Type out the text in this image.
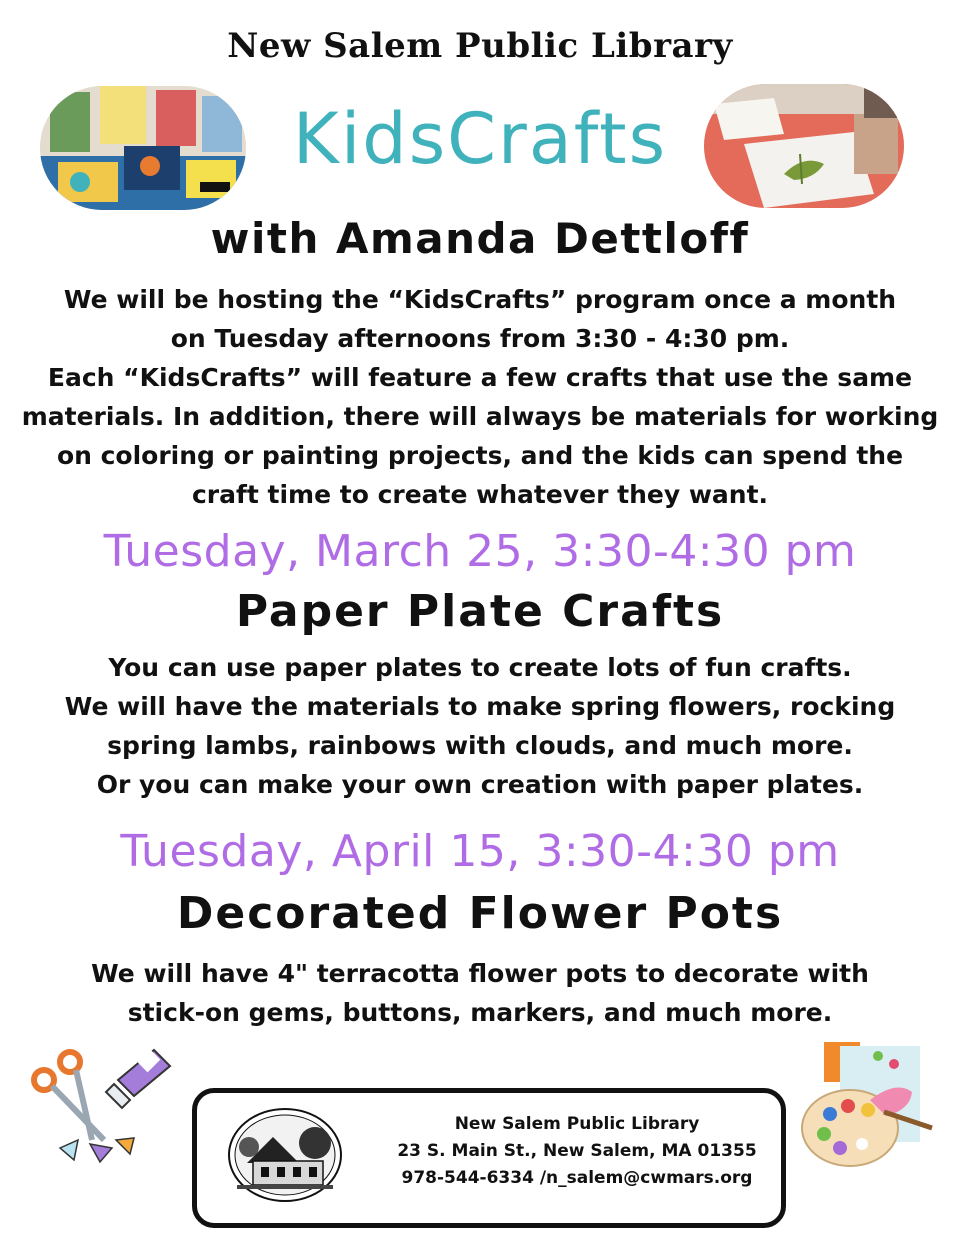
New Salem Public Library
KidsCrafts
with Amanda Dettloff
We will be hosting the “KidsCrafts” program once a month
on Tuesday afternoons from 3:30 - 4:30 pm.
Each “KidsCrafts” will feature a few crafts that use the same
materials. In addition, there will always be materials for working
on coloring or painting projects, and the kids can spend the
craft time to create whatever they want.
Tuesday, March 25, 3:30-4:30 pm
Paper Plate Crafts
You can use paper plates to create lots of fun crafts.
We will have the materials to make spring flowers, rocking
spring lambs, rainbows with clouds, and much more.
Or you can make your own creation with paper plates.
Tuesday, April 15, 3:30-4:30 pm
Decorated Flower Pots
We will have 4" terracotta flower pots to decorate with
stick-on gems, buttons, markers, and much more.
New Salem Public Library
23 S. Main St., New Salem, MA 01355
978-544-6334 /n_salem@cwmars.org
